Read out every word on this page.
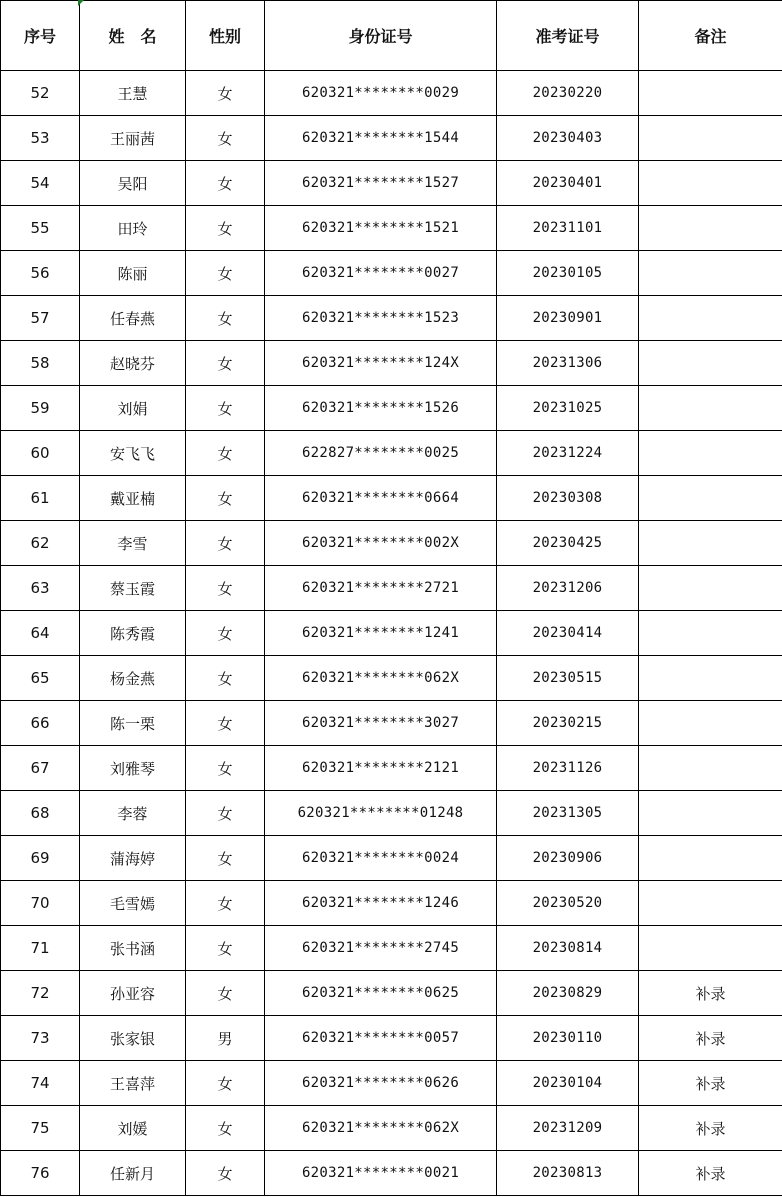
序号	姓　名	性别	身份证号	准考证号	备注
52	王慧	女	620321********0029	20230220	
53	王丽茜	女	620321********1544	20230403	
54	吴阳	女	620321********1527	20230401	
55	田玲	女	620321********1521	20231101	
56	陈丽	女	620321********0027	20230105	
57	任春燕	女	620321********1523	20230901	
58	赵晓芬	女	620321********124X	20231306	
59	刘娟	女	620321********1526	20231025	
60	安飞飞	女	622827********0025	20231224	
61	戴亚楠	女	620321********0664	20230308	
62	李雪	女	620321********002X	20230425	
63	蔡玉霞	女	620321********2721	20231206	
64	陈秀霞	女	620321********1241	20230414	
65	杨金燕	女	620321********062X	20230515	
66	陈一栗	女	620321********3027	20230215	
67	刘雅琴	女	620321********2121	20231126	
68	李蓉	女	620321********01248	20231305	
69	蒲海婷	女	620321********0024	20230906	
70	毛雪嫣	女	620321********1246	20230520	
71	张书涵	女	620321********2745	20230814	
72	孙亚容	女	620321********0625	20230829	补录
73	张家银	男	620321********0057	20230110	补录
74	王喜萍	女	620321********0626	20230104	补录
75	刘媛	女	620321********062X	20231209	补录
76	任新月	女	620321********0021	20230813	补录
